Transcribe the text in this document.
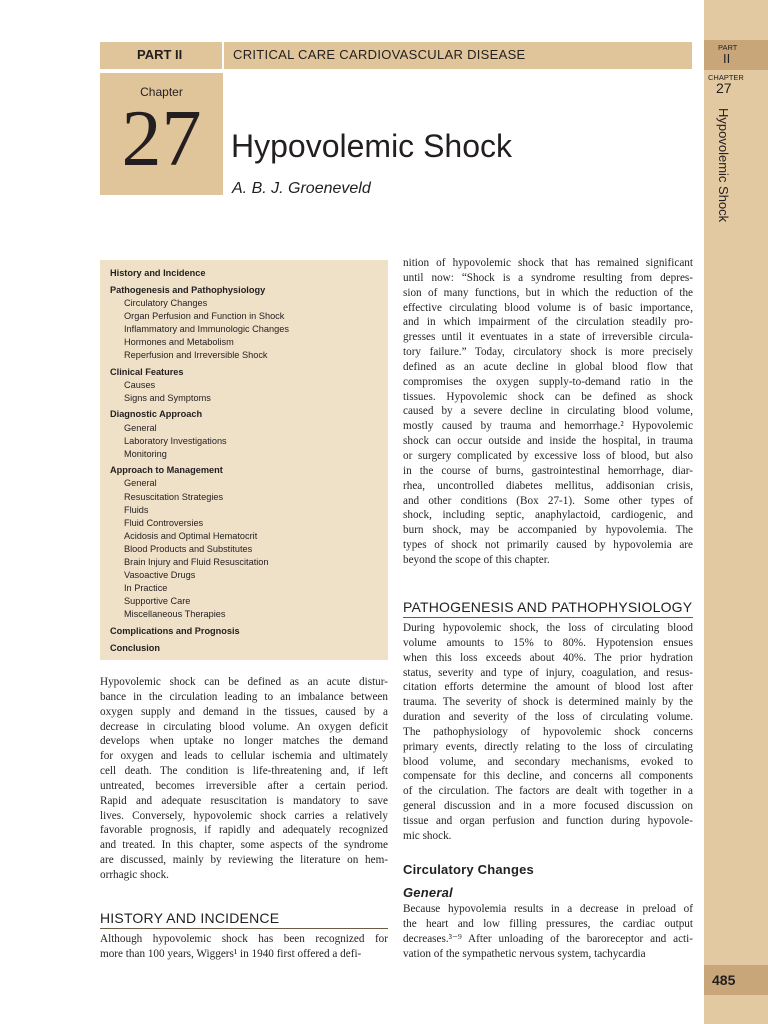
PART
II
CHAPTER
27
Hypovolemic Shock
485
PART II	CRITICAL CARE CARDIOVASCULAR DISEASE
Chapter
27 Hypovolemic Shock
A. B. J. Groeneveld
History and Incidence
Pathogenesis and Pathophysiology
Circulatory Changes
Organ Perfusion and Function in Shock
Inflammatory and Immunologic Changes
Hormones and Metabolism
Reperfusion and Irreversible Shock
Clinical Features
Causes
Signs and Symptoms
Diagnostic Approach
General
Laboratory Investigations
Monitoring
Approach to Management
General
Resuscitation Strategies
Fluids
Fluid Controversies
Acidosis and Optimal Hematocrit
Blood Products and Substitutes
Brain Injury and Fluid Resuscitation
Vasoactive Drugs
In Practice
Supportive Care
Miscellaneous Therapies
Complications and Prognosis
Conclusion
Hypovolemic shock can be defined as an acute distur-
bance in the circulation leading to an imbalance between
oxygen supply and demand in the tissues, caused by a
decrease in circulating blood volume. An oxygen deficit
develops when uptake no longer matches the demand
for oxygen and leads to cellular ischemia and ultimately
cell death. The condition is life-threatening and, if left
untreated, becomes irreversible after a certain period.
Rapid and adequate resuscitation is mandatory to save
lives. Conversely, hypovolemic shock carries a relatively
favorable prognosis, if rapidly and adequately recognized
and treated. In this chapter, some aspects of the syndrome
are discussed, mainly by reviewing the literature on hem-
orrhagic shock.
HISTORY AND INCIDENCE
Although hypovolemic shock has been recognized for
more than 100 years, Wiggers¹ in 1940 first offered a defi-
nition of hypovolemic shock that has remained significant
until now: “Shock is a syndrome resulting from depres-
sion of many functions, but in which the reduction of the
effective circulating blood volume is of basic importance,
and in which impairment of the circulation steadily pro-
gresses until it eventuates in a state of irreversible circula-
tory failure.” Today, circulatory shock is more precisely
defined as an acute decline in global blood flow that
compromises the oxygen supply-to-demand ratio in the
tissues. Hypovolemic shock can be defined as shock
caused by a severe decline in circulating blood volume,
mostly caused by trauma and hemorrhage.² Hypovolemic
shock can occur outside and inside the hospital, in trauma
or surgery complicated by excessive loss of blood, but also
in the course of burns, gastrointestinal hemorrhage, diar-
rhea, uncontrolled diabetes mellitus, addisonian crisis,
and other conditions (Box 27-1). Some other types of
shock, including septic, anaphylactoid, cardiogenic, and
burn shock, may be accompanied by hypovolemia. The
types of shock not primarily caused by hypovolemia are
beyond the scope of this chapter.
PATHOGENESIS AND PATHOPHYSIOLOGY
During hypovolemic shock, the loss of circulating blood
volume amounts to 15% to 80%. Hypotension ensues
when this loss exceeds about 40%. The prior hydration
status, severity and type of injury, coagulation, and resus-
citation efforts determine the amount of blood lost after
trauma. The severity of shock is determined mainly by the
duration and severity of the loss of circulating volume.
The pathophysiology of hypovolemic shock concerns
primary events, directly relating to the loss of circulating
blood volume, and secondary mechanisms, evoked to
compensate for this decline, and concerns all components
of the circulation. The factors are dealt with together in a
general discussion and in a more focused discussion on
tissue and organ perfusion and function during hypovole-
mic shock.
Circulatory Changes
General
Because hypovolemia results in a decrease in preload of
the heart and low filling pressures, the cardiac output
decreases.³⁻⁹ After unloading of the baroreceptor and acti-
vation of the sympathetic nervous system, tachycardia
